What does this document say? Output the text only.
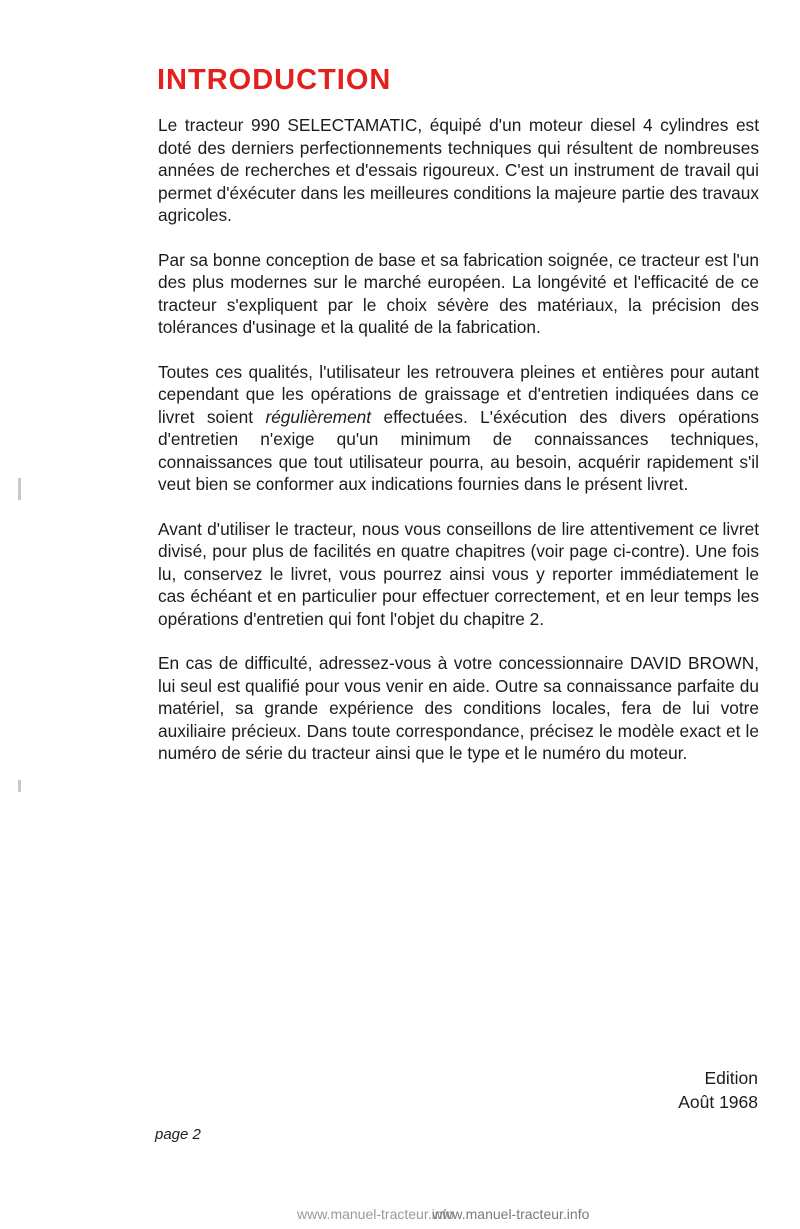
INTRODUCTION

Le tracteur 990 SELECTAMATIC, équipé d'un moteur diesel 4 cylindres est doté des derniers perfectionnements techniques qui résultent de nombreuses années de recherches et d'essais rigoureux. C'est un instrument de travail qui permet d'éxécuter dans les meilleures conditions la majeure partie des travaux agricoles.

Par sa bonne conception de base et sa fabrication soignée, ce tracteur est l'un des plus modernes sur le marché européen. La longévité et l'efficacité de ce tracteur s'expliquent par le choix sévère des matériaux, la précision des tolérances d'usinage et la qualité de la fabrication.

Toutes ces qualités, l'utilisateur les retrouvera pleines et entières pour autant cependant que les opérations de graissage et d'entretien indiquées dans ce livret soient régulièrement effectuées. L'éxécution des divers opérations d'entretien n'exige qu'un minimum de connaissances techniques, connaissances que tout utilisateur pourra, au besoin, acquérir rapidement s'il veut bien se conformer aux indications fournies dans le présent livret.

Avant d'utiliser le tracteur, nous vous conseillons de lire attentivement ce livret divisé, pour plus de facilités en quatre chapitres (voir page ci-contre). Une fois lu, conservez le livret, vous pourrez ainsi vous y reporter immédiatement le cas échéant et en particulier pour effectuer correctement, et en leur temps les opérations d'entretien qui font l'objet du chapitre 2.

En cas de difficulté, adressez-vous à votre concessionnaire DAVID BROWN, lui seul est qualifié pour vous venir en aide. Outre sa connaissance parfaite du matériel, sa grande expérience des conditions locales, fera de lui votre auxiliaire précieux. Dans toute correspondance, précisez le modèle exact et le numéro de série du tracteur ainsi que le type et le numéro du moteur.

Edition
Août 1968
page 2
www.manuel-tracteur.infowww.manuel-tracteur.info
